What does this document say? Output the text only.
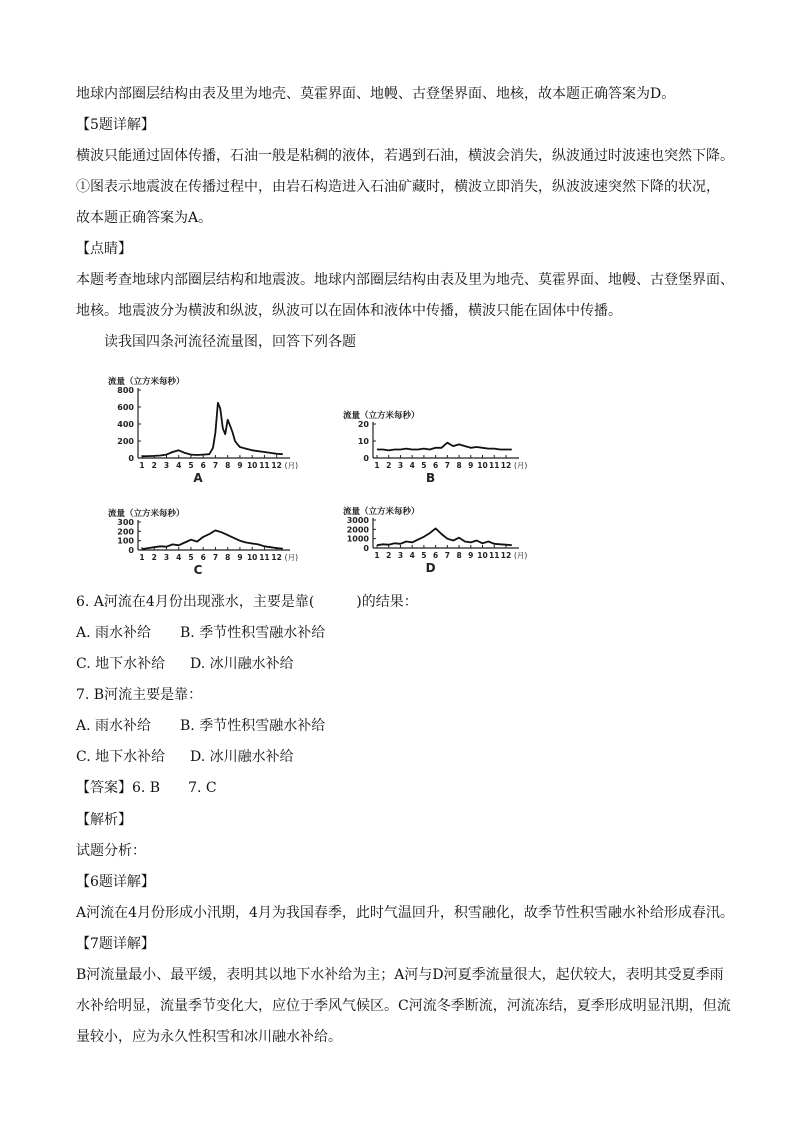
地球内部圈层结构由表及里为地壳、莫霍界面、地幔、古登堡界面、地核，故本题正确答案为D。
【5题详解】
横波只能通过固体传播，石油一般是粘稠的液体，若遇到石油，横波会消失，纵波通过时波速也突然下降。
①图表示地震波在传播过程中，由岩石构造进入石油矿藏时，横波立即消失，纵波波速突然下降的状况，
故本题正确答案为A。
【点睛】
本题考查地球内部圈层结构和地震波。地球内部圈层结构由表及里为地壳、莫霍界面、地幔、古登堡界面、
地核。地震波分为横波和纵波，纵波可以在固体和液体中传播，横波只能在固体中传播。
读我国四条河流径流量图，回答下列各题
流量（立方米每秒）
0
200
400
600
800
1 2 3 4 5 6 7 8 9 10 11 12 (月)
A
流量（立方米每秒）
0
10
20
1 2 3 4 5 6 7 8 9 10 11 12 (月)
B
流量（立方米每秒）
0
100
200
300
1 2 3 4 5 6 7 8 9 10 11 12 (月)
C
流量（立方米每秒）
0
1000
2000
3000
1 2 3 4 5 6 7 8 9 10 11 12 (月)
D
6. A河流在4月份出现涨水，主要是靠(　　　)的结果：
A. 雨水补给 B. 季节性积雪融水补给
C. 地下水补给 D. 冰川融水补给
7. B河流主要是靠：
A. 雨水补给 B. 季节性积雪融水补给
C. 地下水补给 D. 冰川融水补给
【答案】6. B　　7. C
【解析】
试题分析：
【6题详解】
A河流在4月份形成小汛期，4月为我国春季，此时气温回升，积雪融化，故季节性积雪融水补给形成春汛。
【7题详解】
B河流量最小、最平缓，表明其以地下水补给为主；A河与D河夏季流量很大，起伏较大，表明其受夏季雨
水补给明显，流量季节变化大，应位于季风气候区。C河流冬季断流，河流冻结，夏季形成明显汛期，但流
量较小，应为永久性积雪和冰川融水补给。
